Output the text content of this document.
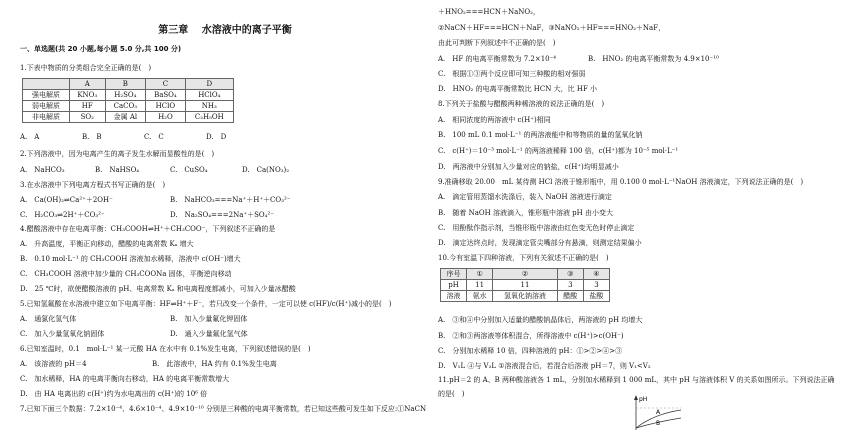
第三章　 水溶液中的离子平衡
一、单选题(共 20 小题,每小题 5.0 分,共 100 分)
1.下表中物质的分类组合完全正确的是(　)
	A	B	C	D
强电解质	KNO₃	H₂SO₄	BaSO₄	HClO₄
弱电解质	HF	CaCO₃	HClO	NH₃
非电解质	SO₂	金属 Al	H₂O	C₂H₅OH
A.　A	B.　B	C.　C	D.　D
2.下列溶液中，因为电离产生的离子发生水解而显酸性的是(　)
A.　NaHCO₃	B.　NaHSO₄	C.　CuSO₄	D.　Ca(NO₃)₂
3.在水溶液中下列电离方程式书写正确的是(　)
A.　Ca(OH)₂⇌Ca²⁺＋2OH⁻	B.　NaHCO₃===Na⁺＋H⁺＋CO₃²⁻
C.　H₂CO₃⇌2H⁺＋CO₃²⁻	D.　Na₂SO₄===2Na⁺＋SO₄²⁻
4.醋酸溶液中存在电离平衡：CH₃COOH⇌H⁺＋CH₃COO⁻，下列叙述不正确的是
A.　升高温度，平衡正向移动，醋酸的电离常数 Kₐ 增大
B.　0.10 mol·L⁻¹ 的 CH₃COOH 溶液加水稀释，溶液中 c(OH⁻)增大
C.　CH₃COOH 溶液中加少量的 CH₃COONa 固体，平衡逆向移动
D.　25 ℃时，欲使醋酸溶液的 pH、电离常数 Kₐ 和电离程度都减小，可加入少量冰醋酸
5.已知氢氟酸在水溶液中建立如下电离平衡：HF⇌H⁺＋F⁻，若只改变一个条件，一定可以使 c(HF)/c(H⁺)减小的是(　)
A.　通氯化氢气体	B.　加入少量氟化钾固体
C.　加入少量氢氧化钠固体	D.　通入少量氟化氢气体
6.已知室温时，0.1　mol·L⁻¹ 某一元酸 HA 在水中有 0.1%发生电离，下列叙述错误的是(　)
A.　该溶液的 pH＝4	B.　此溶液中，HA 约有 0.1%发生电离
C.　加水稀释，HA 的电离平衡向右移动，HA 的电离平衡常数增大
D.　由 HA 电离出的 c(H⁺)约为水电离出的 c(H⁺)的 10⁶ 倍
7.已知下面三个数据：7.2×10⁻⁴、4.6×10⁻⁴、4.9×10⁻¹⁰ 分别是三种酸的电离平衡常数，若已知这些酸可发生如下反应:①NaCN
＋HNO₂===HCN＋NaNO₂，
②NaCN＋HF===HCN＋NaF，③NaNO₂＋HF===HNO₂＋NaF，
由此可判断下列叙述中不正确的是(　)
A.　HF 的电离平衡常数为 7.2×10⁻⁴	B.　HNO₂ 的电离平衡常数为 4.9×10⁻¹⁰
C.　根据①③两个反应即可知三种酸的相对强弱
D.　HNO₂ 的电离平衡常数比 HCN 大，比 HF 小
8.下列关于盐酸与醋酸两种稀溶液的说法正确的是(　)
A.　相同浓度的两溶液中 c(H⁺)相同
B.　100 mL 0.1 mol·L⁻¹ 的两溶液能中和等物质的量的氢氧化钠
C.　c(H⁺)＝10⁻³ mol·L⁻¹ 的两溶液稀释 100 倍，c(H⁺)都为 10⁻⁵ mol·L⁻¹
D.　两溶液中分别加入少量对应的钠盐，c(H⁺)均明显减小
9.准确移取 20.00　mL 某待测 HCl 溶液于锥形瓶中，用 0.100 0 mol·L⁻¹NaOH 溶液滴定，下列说法正确的是(　)
A.　滴定管用蒸馏水洗涤后，装入 NaOH 溶液进行滴定
B.　随着 NaOH 溶液滴入，锥形瓶中溶液 pH 由小变大
C.　用酚酞作指示剂，当锥形瓶中溶液由红色变无色时停止滴定
D.　滴定达终点时，发现滴定管尖嘴部分有悬滴，则测定结果偏小
10.今有室温下四种溶液，下列有关叙述不正确的是(　)
序号	①	②	③	④
pH	11	11	3	3
溶液	氨水	氢氧化钠溶液	醋酸	盐酸
A.　③和④中分别加入适量的醋酸钠晶体后，两溶液的 pH 均增大
B.　②和③两溶液等体积混合，所得溶液中 c(H⁺)>c(OH⁻)
C.　分别加水稀释 10 倍，四种溶液的 pH：①>②>④>③
D.　V₁L ④与 V₂L ①溶液混合后，若混合后溶液 pH＝7，则 V₁<V₂
11.pH＝2 的 A、B 两种酸溶液各 1 mL，分别加水稀释到 1 000 mL，其中 pH 与溶液体积 V 的关系如图所示。下列说法正确
的是(　)
pH
A
B
